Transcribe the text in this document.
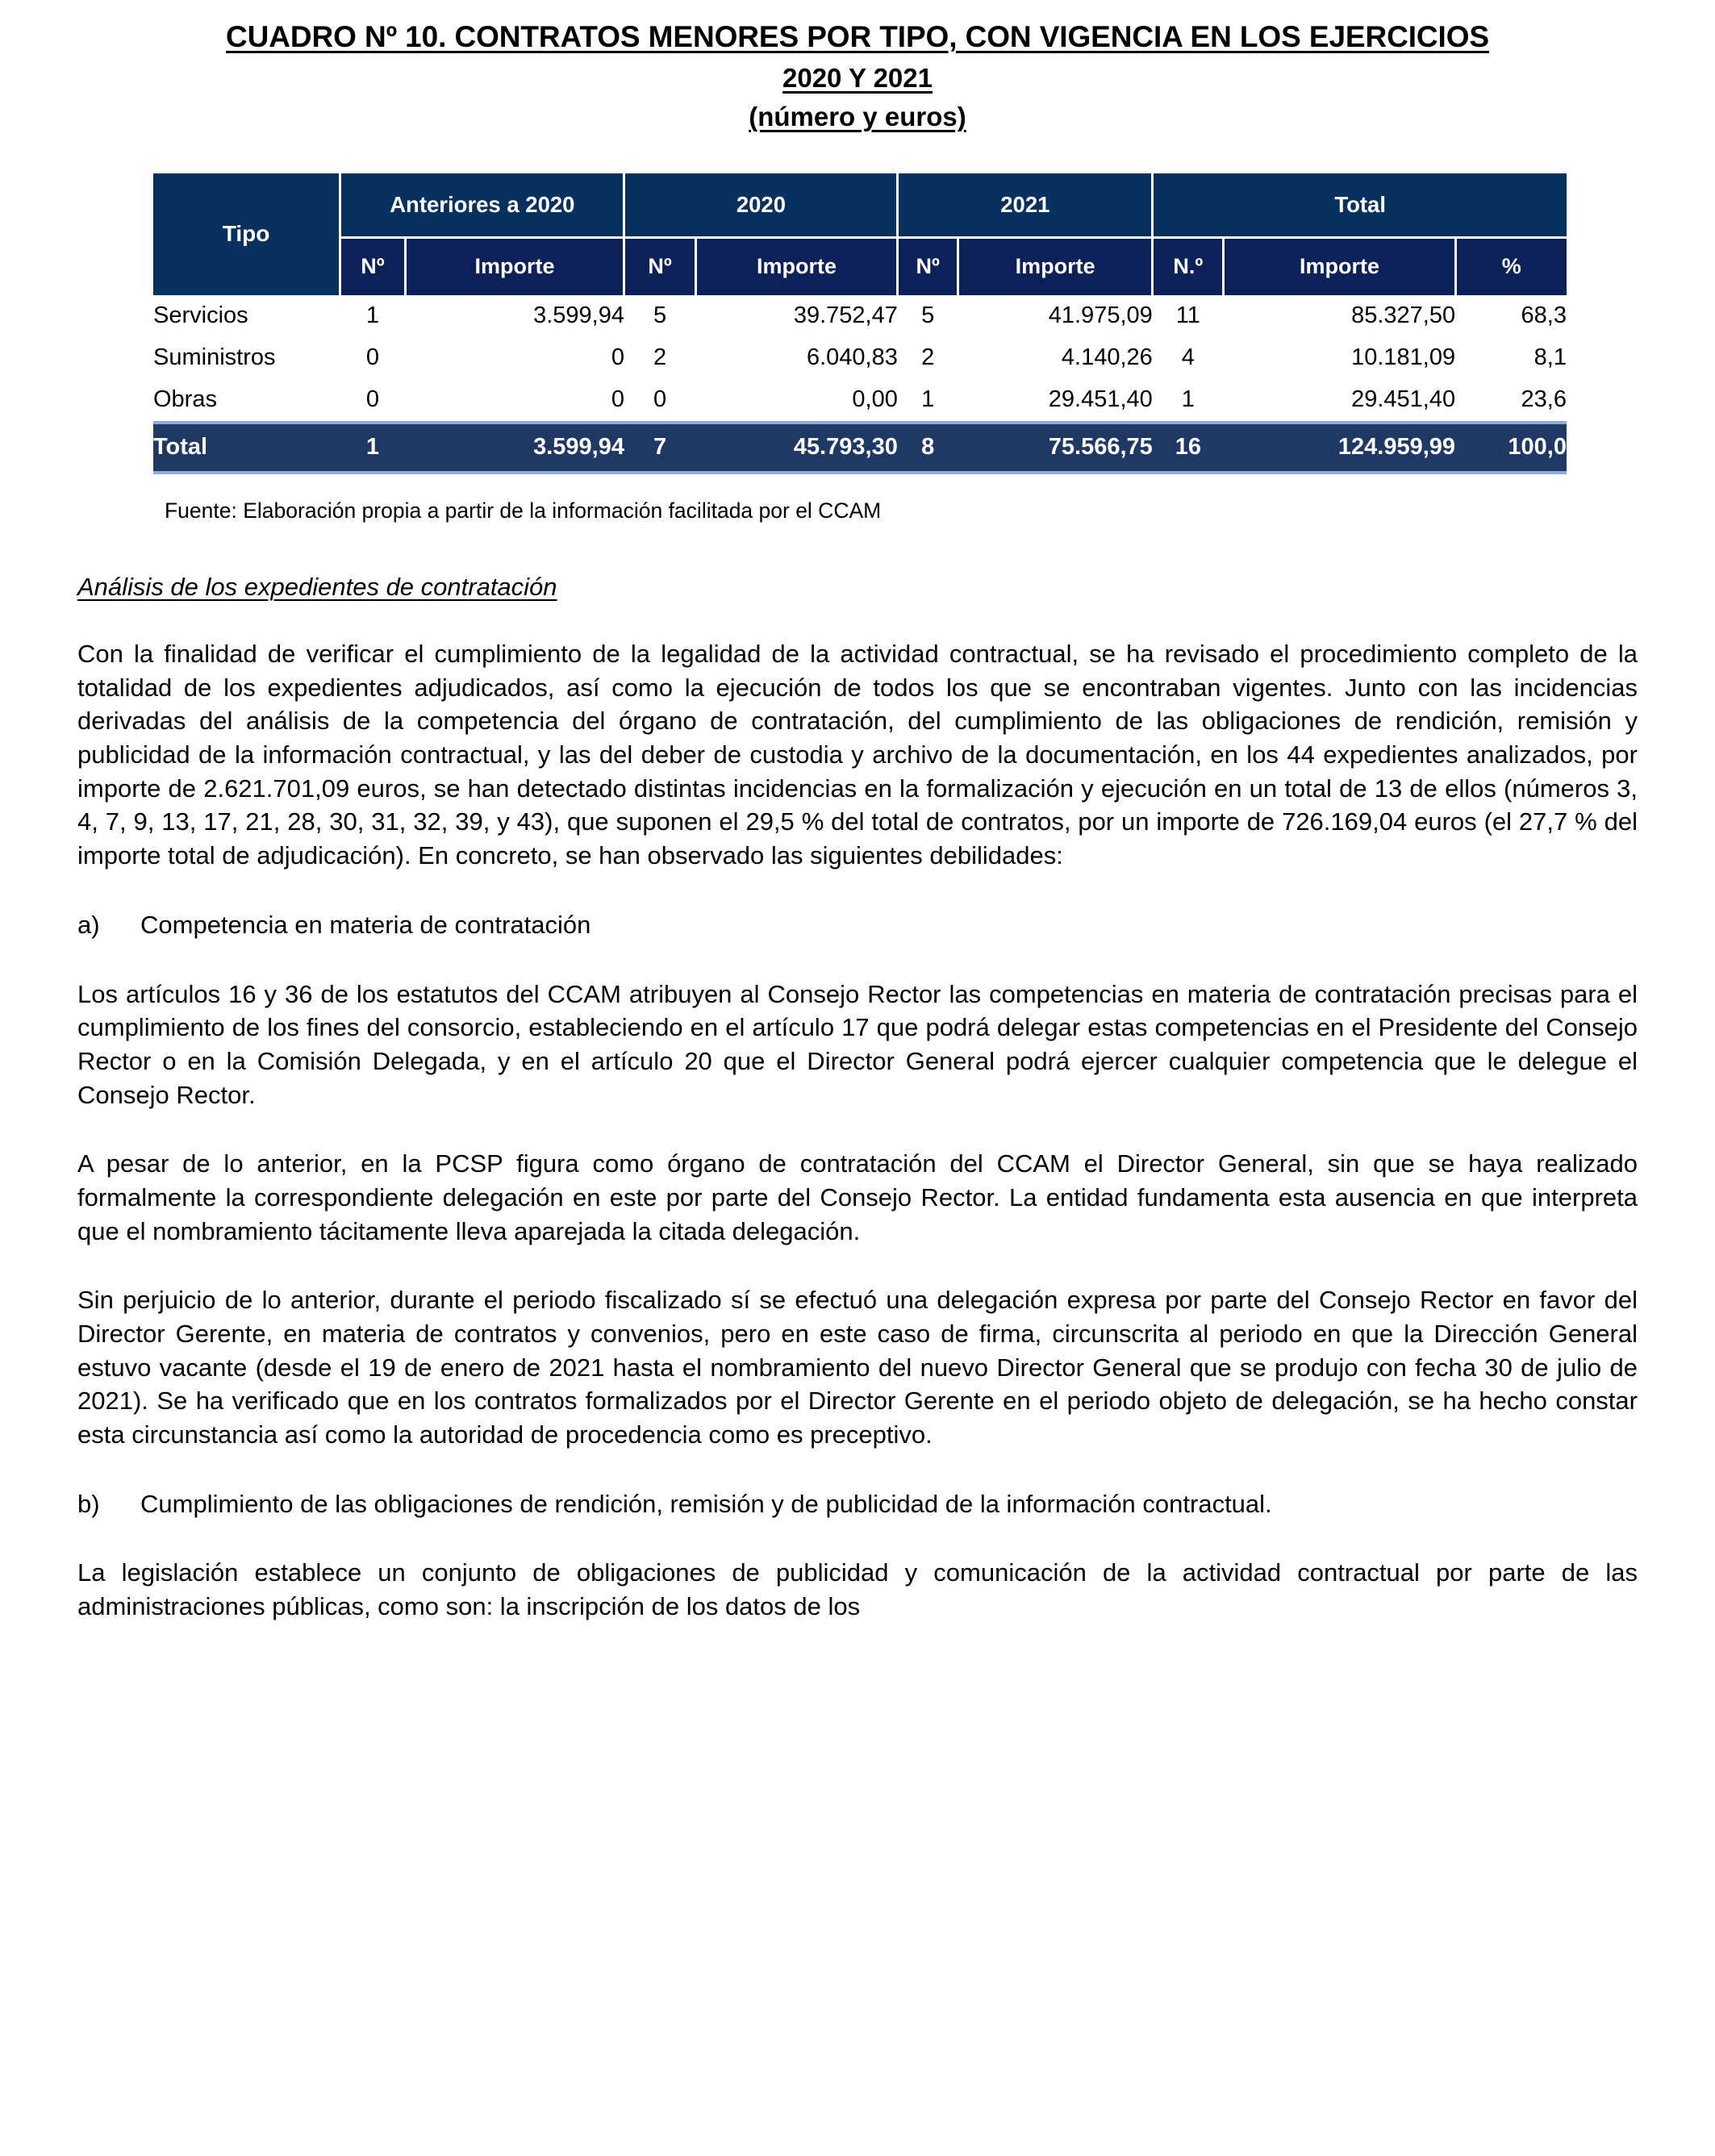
CUADRO Nº 10. CONTRATOS MENORES POR TIPO, CON VIGENCIA EN LOS EJERCICIOS
2020 Y 2021
(número y euros)
Tipo	Anteriores a 2020		2020		2021		Total		
	Nº	Importe	Nº	Importe	Nº	Importe	N.º	Importe	%
Servicios	1	3.599,94	5	39.752,47	5	41.975,09	11	85.327,50	68,3
Suministros	0	0	2	6.040,83	2	4.140,26	4	10.181,09	8,1
Obras	0	0	0	0,00	1	29.451,40	1	29.451,40	23,6
Total	1	3.599,94	7	45.793,30	8	75.566,75	16	124.959,99	100,0
Fuente: Elaboración propia a partir de la información facilitada por el CCAM
Análisis de los expedientes de contratación

Con la finalidad de verificar el cumplimiento de la legalidad de la actividad contractual, se ha revisado el procedimiento completo de la totalidad de los expedientes adjudicados, así como la ejecución de todos los que se encontraban vigentes. Junto con las incidencias derivadas del análisis de la competencia del órgano de contratación, del cumplimiento de las obligaciones de rendición, remisión y publicidad de la información contractual, y las del deber de custodia y archivo de la documentación, en los 44 expedientes analizados, por importe de 2.621.701,09 euros, se han detectado distintas incidencias en la formalización y ejecución en un total de 13 de ellos (números 3, 4, 7, 9, 13, 17, 21, 28, 30, 31, 32, 39, y 43), que suponen el 29,5 % del total de contratos, por un importe de 726.169,04 euros (el 27,7 % del importe total de adjudicación). En concreto, se han observado las siguientes debilidades:

a) Competencia en materia de contratación

Los artículos 16 y 36 de los estatutos del CCAM atribuyen al Consejo Rector las competencias en materia de contratación precisas para el cumplimiento de los fines del consorcio, estableciendo en el artículo 17 que podrá delegar estas competencias en el Presidente del Consejo Rector o en la Comisión Delegada, y en el artículo 20 que el Director General podrá ejercer cualquier competencia que le delegue el Consejo Rector.

A pesar de lo anterior, en la PCSP figura como órgano de contratación del CCAM el Director General, sin que se haya realizado formalmente la correspondiente delegación en este por parte del Consejo Rector. La entidad fundamenta esta ausencia en que interpreta que el nombramiento tácitamente lleva aparejada la citada delegación.

Sin perjuicio de lo anterior, durante el periodo fiscalizado sí se efectuó una delegación expresa por parte del Consejo Rector en favor del Director Gerente, en materia de contratos y convenios, pero en este caso de firma, circunscrita al periodo en que la Dirección General estuvo vacante (desde el 19 de enero de 2021 hasta el nombramiento del nuevo Director General que se produjo con fecha 30 de julio de 2021). Se ha verificado que en los contratos formalizados por el Director Gerente en el periodo objeto de delegación, se ha hecho constar esta circunstancia así como la autoridad de procedencia como es preceptivo.

b) Cumplimiento de las obligaciones de rendición, remisión y de publicidad de la información contractual.

La legislación establece un conjunto de obligaciones de publicidad y comunicación de la actividad contractual por parte de las administraciones públicas, como son: la inscripción de los datos de los
